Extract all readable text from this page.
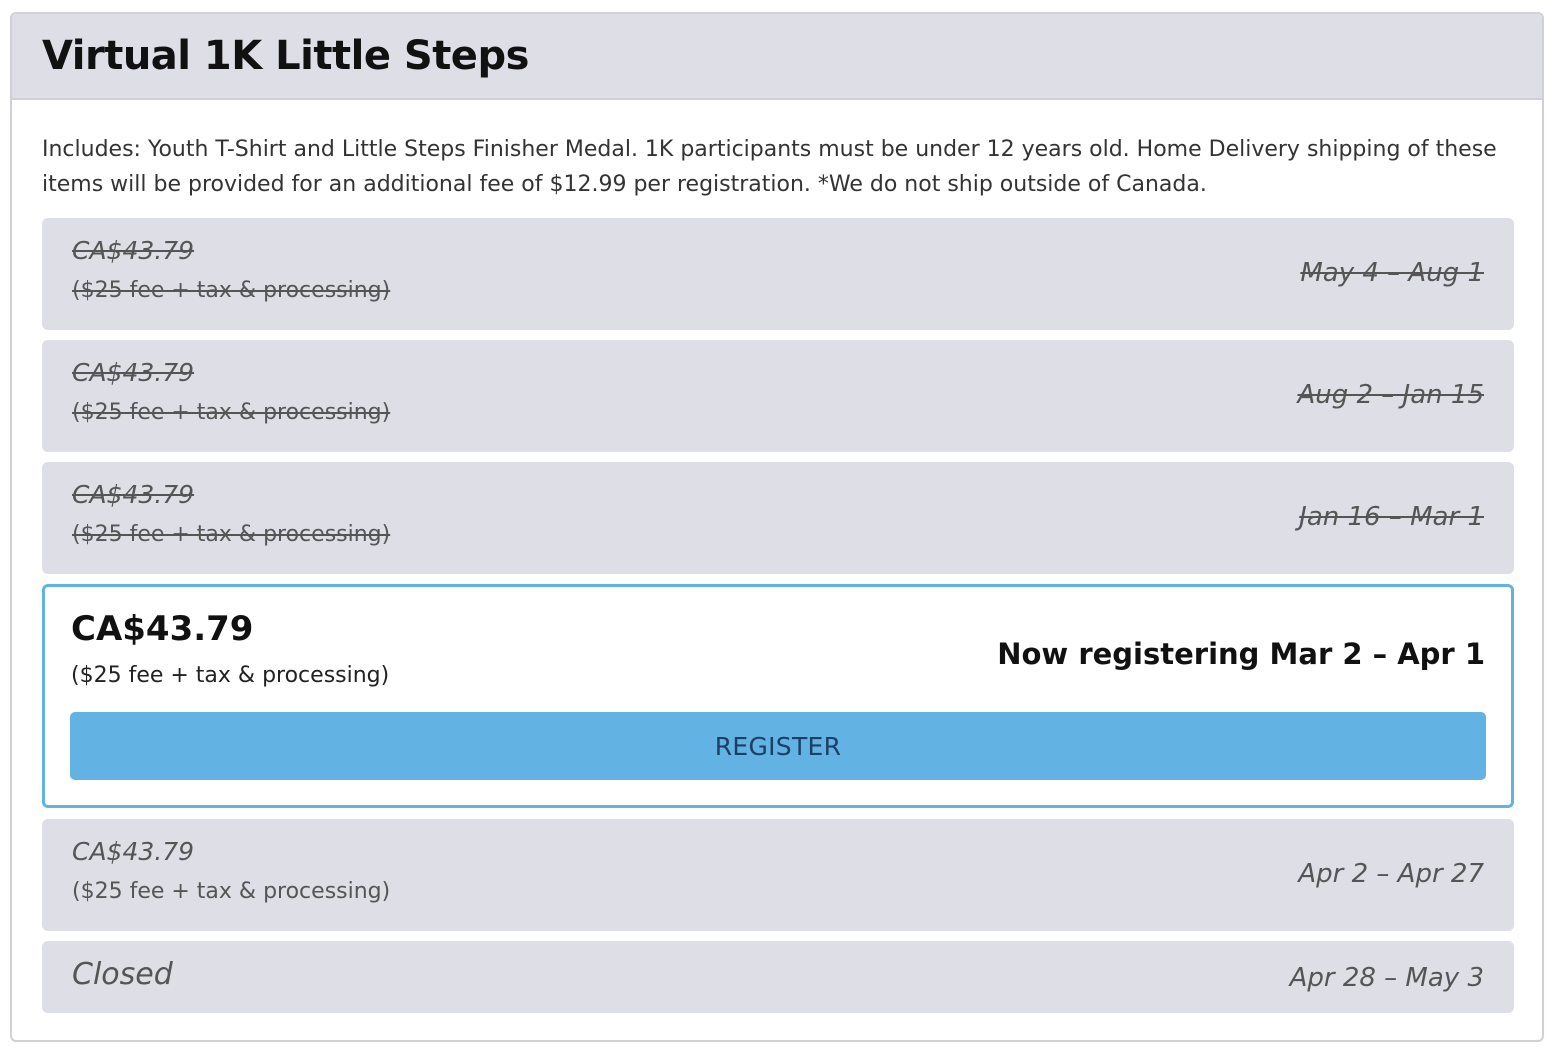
Virtual 1K Little Steps
Includes: Youth T-Shirt and Little Steps Finisher Medal. 1K participants must be under 12 years old. Home Delivery shipping of these items will be provided for an additional fee of $12.99 per registration. *We do not ship outside of Canada.
CA$43.79
($25 fee + tax & processing)
May 4 – Aug 1
CA$43.79
($25 fee + tax & processing)
Aug 2 – Jan 15
CA$43.79
($25 fee + tax & processing)
Jan 16 – Mar 1
CA$43.79
($25 fee + tax & processing)
Now registering Mar 2 – Apr 1
REGISTER
CA$43.79
($25 fee + tax & processing)
Apr 2 – Apr 27
Closed	Apr 28 – May 3
